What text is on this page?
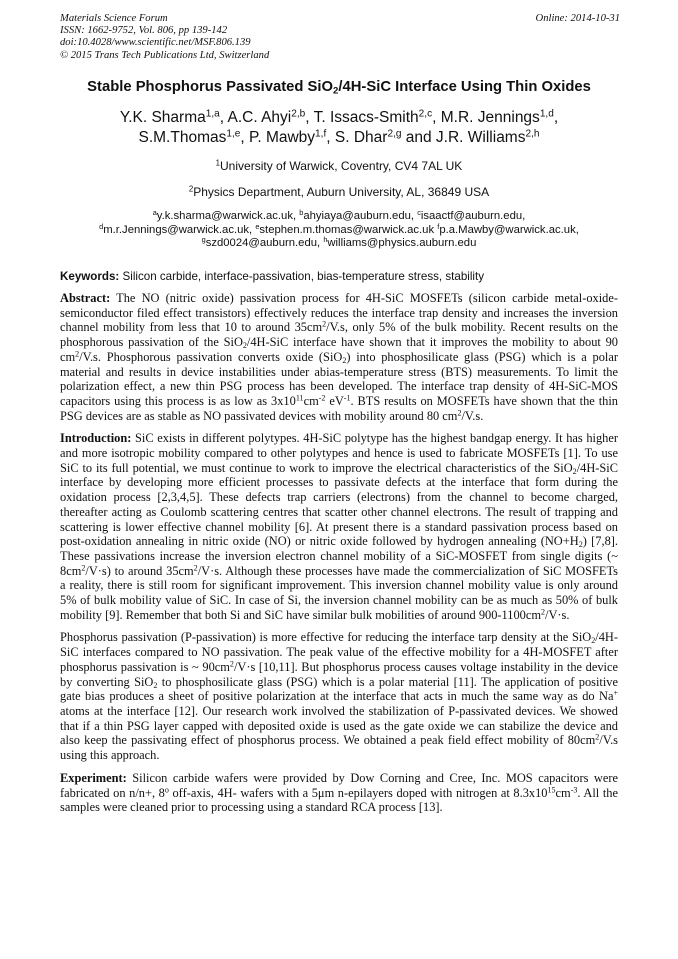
Materials Science Forum
ISSN: 1662-9752, Vol. 806, pp 139-142
doi:10.4028/www.scientific.net/MSF.806.139
© 2015 Trans Tech Publications Ltd, Switzerland
Online: 2014-10-31
Stable Phosphorus Passivated SiO$_2$/4H-SiC Interface Using Thin Oxides
Y.K. Sharma$^{1,a}$, A.C. Ahyi$^{2,b}$, T. Issacs-Smith$^{2,c}$, M.R. Jennings$^{1,d}$,
S.M.Thomas$^{1,e}$, P. Mawby$^{1,f}$, S. Dhar$^{2,g}$ and J.R. Williams$^{2,h}$
$^1$University of Warwick, Coventry, CV4 7AL UK
$^2$Physics Department, Auburn University, AL, 36849 USA
$^a$y.k.sharma@warwick.ac.uk, $^b$ahyiaya@auburn.edu, $^c$isaactf@auburn.edu,
$^d$m.r.Jennings@warwick.ac.uk, $^e$stephen.m.thomas@warwick.ac.uk $^f$p.a.Mawby@warwick.ac.uk,
$^g$szd0024@auburn.edu, $^h$williams@physics.auburn.edu
Keywords: Silicon carbide, interface-passivation, bias-temperature stress, stability

Abstract: The NO (nitric oxide) passivation process for 4H-SiC MOSFETs (silicon carbide metal-oxide-semiconductor filed effect transistors) effectively reduces the interface trap density and increases the inversion channel mobility from less that 10 to around $35cm^2/V.s$, only 5% of the bulk mobility. Recent results on the phosphorous passivation of the SiO$_2$/4H-SiC interface have shown that it improves the mobility to about 90 $cm^2/V.s$. Phosphorous passivation converts oxide (SiO$_2$) into phosphosilicate glass (PSG) which is a polar material and results in device instabilities under abias-temperature stress (BTS) measurements. To limit the polarization effect, a new thin PSG process has been developed. The interface trap density of 4H-SiC-MOS capacitors using this process is as low as $3x10^{11}cm^{-2}$ $eV^{-1}$. BTS results on MOSFETs have shown that the thin PSG devices are as stable as NO passivated devices with mobility around 80 $cm^2/V.s$.

Introduction: SiC exists in different polytypes. 4H-SiC polytype has the highest bandgap energy. It has higher and more isotropic mobility compared to other polytypes and hence is used to fabricate MOSFETs [1]. To use SiC to its full potential, we must continue to work to improve the electrical characteristics of the SiO$_2$/4H-SiC interface by developing more efficient processes to passivate defects at the interface that form during the oxidation process [2,3,4,5]. These defects trap carriers (electrons) from the channel to become charged, thereafter acting as Coulomb scattering centres that scatter other channel electrons. The result of trapping and scattering is lower effective channel mobility [6]. At present there is a standard passivation process based on post-oxidation annealing in nitric oxide (NO) or nitric oxide followed by hydrogen annealing $(NO+H_2)$ [7,8]. These passivations increase the inversion electron channel mobility of a SiC-MOSFET from single digits (~ $8cm^2/V\cdot s$) to around $35cm^2/V\cdot s$. Although these processes have made the commercialization of SiC MOSFETs a reality, there is still room for significant improvement. This inversion channel mobility value is only around 5% of bulk mobility value of SiC. In case of Si, the inversion channel mobility can be as much as 50% of bulk mobility [9]. Remember that both Si and SiC have similar bulk mobilities of around $900-1100cm^2/V\cdot s$.

Phosphorus passivation (P-passivation) is more effective for reducing the interface tarp density at the SiO$_2$/4H-SiC interfaces compared to NO passivation. The peak value of the effective mobility for a 4H-MOSFET after phosphorus passivation is ~ $90cm^2/V\cdot s$ [10,11]. But phosphorus process causes voltage instability in the device by converting SiO$_2$ to phosphosilicate glass (PSG) which is a polar material [11]. The application of positive gate bias produces a sheet of positive polarization at the interface that acts in much the same way as do Na+ atoms at the interface [12]. Our research work involved the stabilization of P-passivated devices. We showed that if a thin PSG layer capped with deposited oxide is used as the gate oxide we can stabilize the device and also keep the passivating effect of phosphorus process. We obtained a peak field effect mobility of $80cm^2/V.s$ using this approach.

Experiment: Silicon carbide wafers were provided by Dow Corning and Cree, Inc. MOS capacitors were fabricated on n/n+, 8$^o$ off-axis, 4H- wafers with a 5μm n-epilayers doped with nitrogen at $8.3x10^{15}cm^{-3}$. All the samples were cleaned prior to processing using a standard RCA process [13].
